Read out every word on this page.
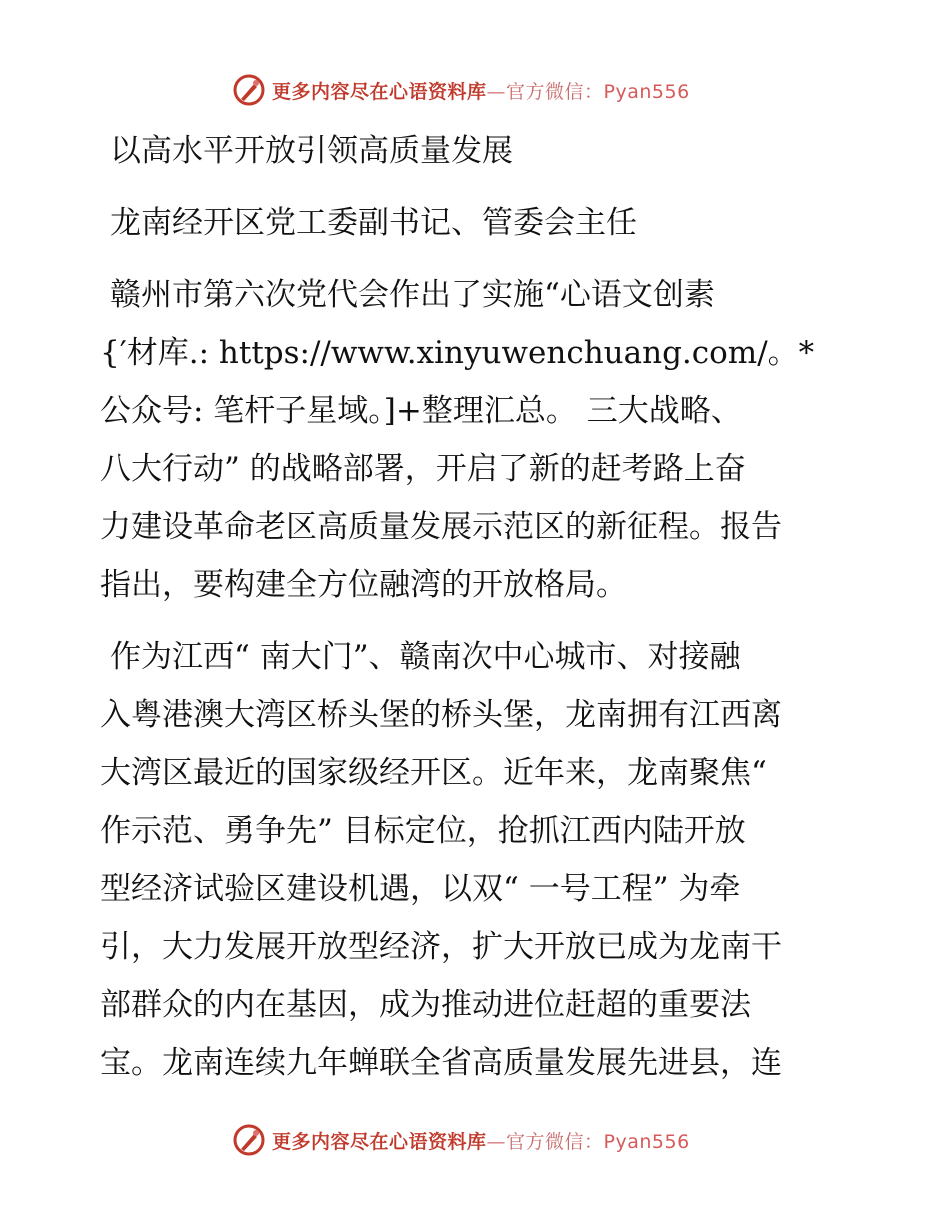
更多内容尽在心语资料库—官方微信：Pyan556
以高水平开放引领高质量发展
龙南经开区党工委副书记、管委会主任
赣州市第六次党代会作出了实施“心语文创素
{′材库.: https://www.xinyuwenchuang.com/。*
公众号: 笔杆子星域。]+整理汇总。 三大战略、
八大行动” 的战略部署，开启了新的赶考路上奋
力建设革命老区高质量发展示范区的新征程。报告
指出，要构建全方位融湾的开放格局。
作为江西“ 南大门”、赣南次中心城市、对接融
入粤港澳大湾区桥头堡的桥头堡，龙南拥有江西离
大湾区最近的国家级经开区。近年来，龙南聚焦“
作示范、勇争先” 目标定位，抢抓江西内陆开放
型经济试验区建设机遇，以双“ 一号工程” 为牵
引，大力发展开放型经济，扩大开放已成为龙南干
部群众的内在基因，成为推动进位赶超的重要法
宝。龙南连续九年蝉联全省高质量发展先进县，连
更多内容尽在心语资料库—官方微信：Pyan556
